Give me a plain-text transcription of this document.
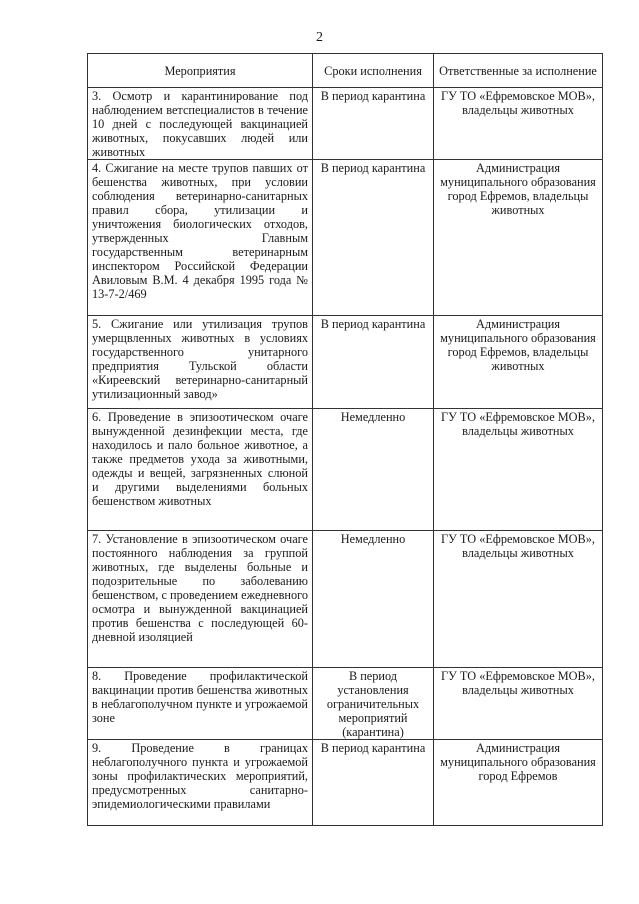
2
Мероприятия	Сроки исполнения	Ответственные за исполнение
3. Осмотр и карантинирование под наблюдением ветспециалистов в течение 10 дней с последующей вакцинацией животных, покусавших людей или животных	В период карантина	ГУ ТО «Ефремовское МОВ», владельцы животных
4. Сжигание на месте трупов павших от бешенства животных, при условии соблюдения ветеринарно-санитарных правил сбора, утилизации и уничтожения биологических отходов, утвержденных Главным государственным ветеринарным инспектором Российской Федерации Авиловым В.М. 4 декабря 1995 года № 13-7-2/469	В период карантина	Администрация муниципального образования город Ефремов, владельцы животных
5. Сжигание или утилизация трупов умерщвленных животных в условиях государственного унитарного предприятия Тульской области «Киреевский ветеринарно-санитарный утилизационный завод»	В период карантина	Администрация муниципального образования город Ефремов, владельцы животных
6. Проведение в эпизоотическом очаге вынужденной дезинфекции места, где находилось и пало больное животное, а также предметов ухода за животными, одежды и вещей, загрязненных слюной и другими выделениями больных бешенством животных	Немедленно	ГУ ТО «Ефремовское МОВ», владельцы животных
7. Установление в эпизоотическом очаге постоянного наблюдения за группой животных, где выделены больные и подозрительные по заболеванию бешенством, с проведением ежедневного осмотра и вынужденной вакцинацией против бешенства с последующей 60-дневной изоляцией	Немедленно	ГУ ТО «Ефремовское МОВ», владельцы животных
8. Проведение профилактической вакцинации против бешенства животных в неблагополучном пункте и угрожаемой зоне	В период установления ограничительных мероприятий (карантина)	ГУ ТО «Ефремовское МОВ», владельцы животных
9. Проведение в границах неблагополучного пункта и угрожаемой зоны профилактических мероприятий, предусмотренных санитарно-эпидемиологическими правилами	В период карантина	Администрация муниципального образования город Ефремов
